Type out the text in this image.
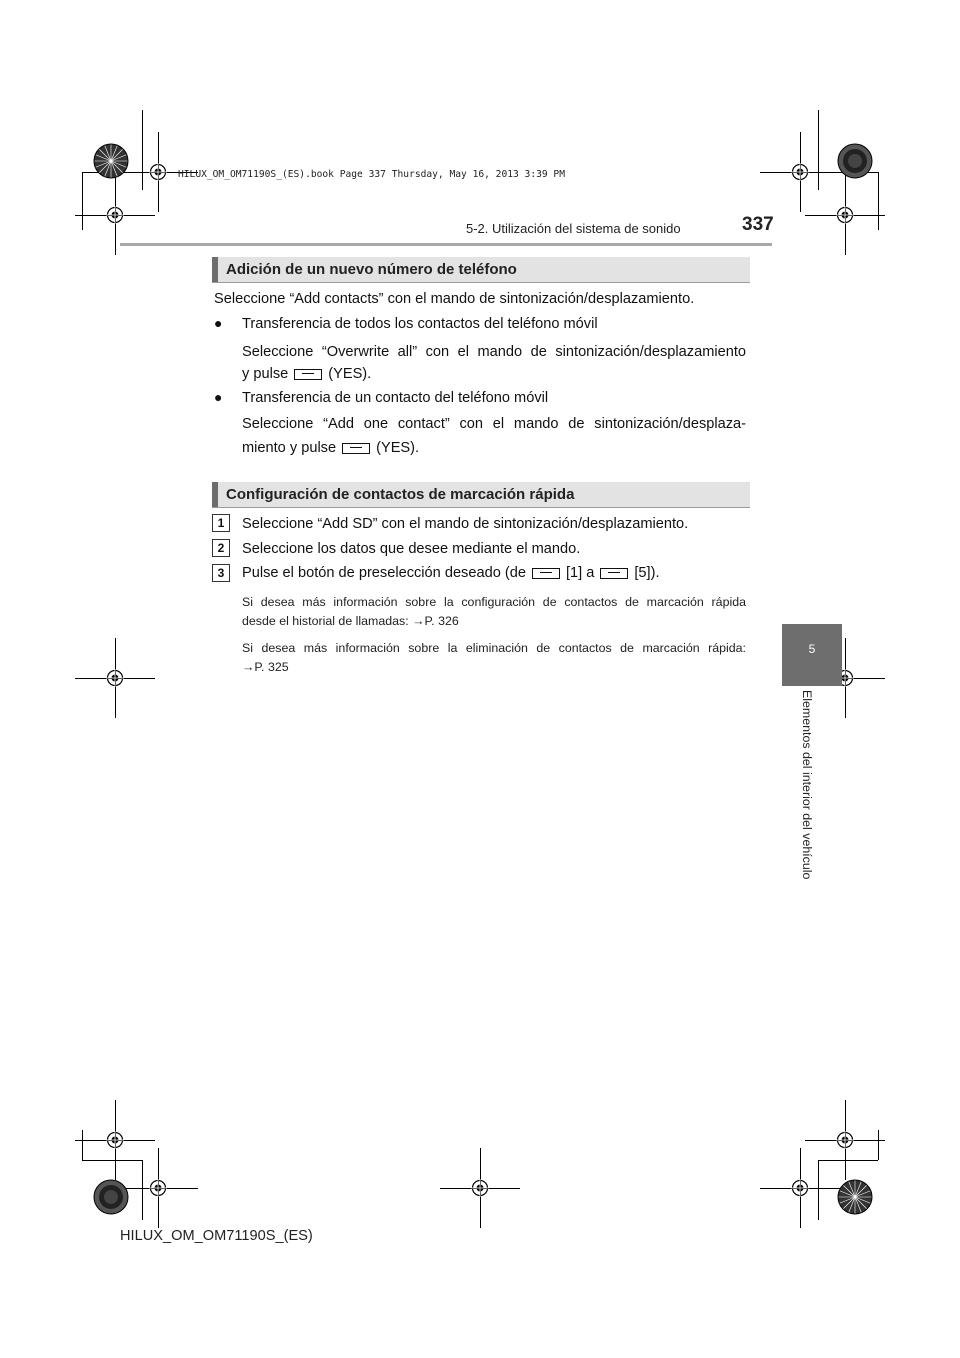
HILUX_OM_OM71190S_(ES).book Page 337 Thursday, May 16, 2013 3:39 PM
5-2. Utilización del sistema de sonido	337
5
Elementos del interior del vehículo
Adición de un nuevo número de teléfono
Seleccione “Add contacts” con el mando de sintonización/desplazamiento.
● Transferencia de todos los contactos del teléfono móvil
Seleccione “Overwrite all” con el mando de sintonización/desplazamiento
y pulse	(YES).
● Transferencia de un contacto del teléfono móvil
Seleccione “Add one contact” con el mando de sintonización/desplaza-
miento y pulse	(YES).
Configuración de contactos de marcación rápida
1	Seleccione “Add SD” con el mando de sintonización/desplazamiento.
2	Seleccione los datos que desee mediante el mando.
3	Pulse el botón de preselección deseado (de	[1] a	[5]).
Si desea más información sobre la configuración de contactos de marcación rápida
desde el historial de llamadas: →P. 326
Si desea más información sobre la eliminación de contactos de marcación rápida:
→P. 325
HILUX_OM_OM71190S_(ES)
